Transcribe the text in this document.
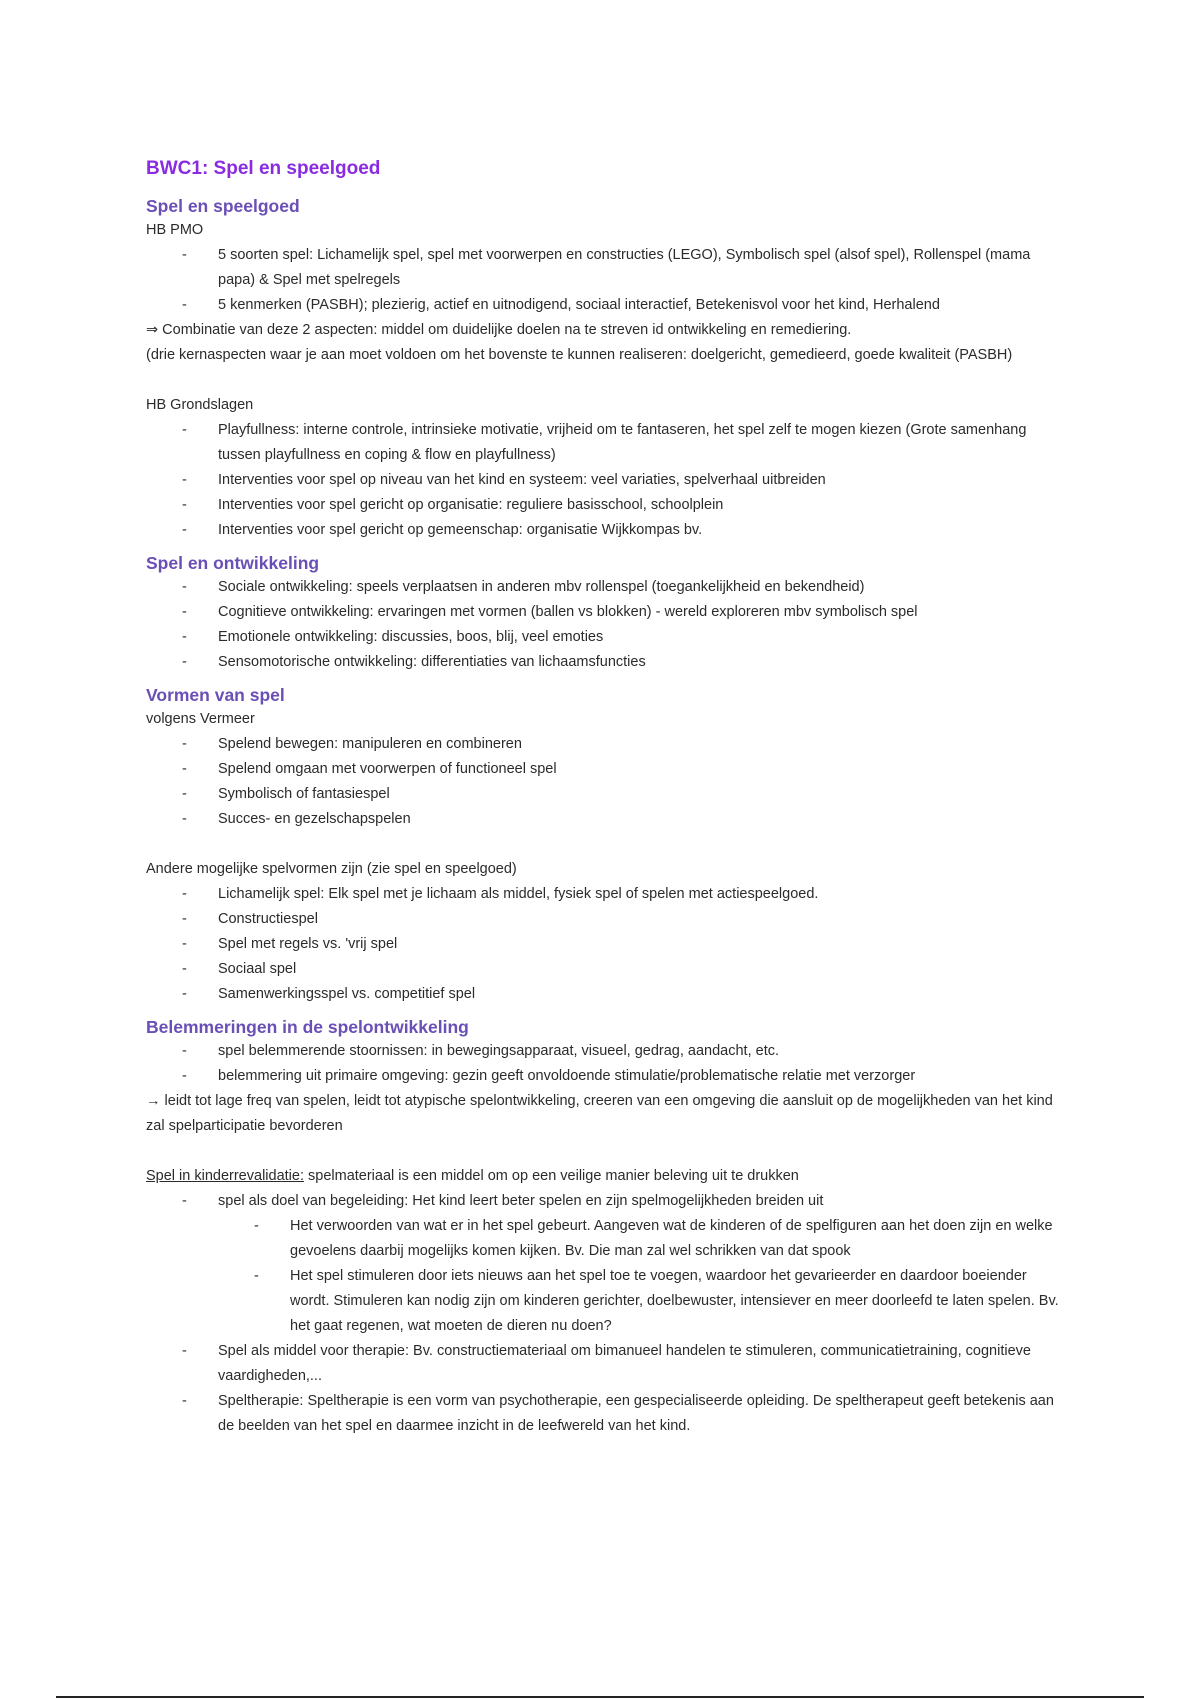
BWC1: Spel en speelgoed
Spel en speelgoed
HB PMO
- 5 soorten spel: Lichamelijk spel, spel met voorwerpen en constructies (LEGO), Symbolisch spel (alsof spel), Rollenspel (mama papa) & Spel met spelregels
- 5 kenmerken (PASBH); plezierig, actief en uitnodigend, sociaal interactief, Betekenisvol voor het kind, Herhalend
⇒ Combinatie van deze 2 aspecten: middel om duidelijke doelen na te streven id ontwikkeling en remediering.
(drie kernaspecten waar je aan moet voldoen om het bovenste te kunnen realiseren: doelgericht, gemedieerd, goede kwaliteit (PASBH)
HB Grondslagen
- Playfullness: interne controle, intrinsieke motivatie, vrijheid om te fantaseren, het spel zelf te mogen kiezen (Grote samenhang tussen playfullness en coping & flow en playfullness)
- Interventies voor spel op niveau van het kind en systeem: veel variaties, spelverhaal uitbreiden
- Interventies voor spel gericht op organisatie: reguliere basisschool, schoolplein
- Interventies voor spel gericht op gemeenschap: organisatie Wijkkompas bv.
Spel en ontwikkeling
- Sociale ontwikkeling: speels verplaatsen in anderen mbv rollenspel (toegankelijkheid en bekendheid)
- Cognitieve ontwikkeling: ervaringen met vormen (ballen vs blokken) - wereld exploreren mbv symbolisch spel
- Emotionele ontwikkeling: discussies, boos, blij, veel emoties
- Sensomotorische ontwikkeling: differentiaties van lichaamsfuncties
Vormen van spel
volgens Vermeer
- Spelend bewegen: manipuleren en combineren
- Spelend omgaan met voorwerpen of functioneel spel
- Symbolisch of fantasiespel
- Succes- en gezelschapspelen
Andere mogelijke spelvormen zijn (zie spel en speelgoed)
- Lichamelijk spel: Elk spel met je lichaam als middel, fysiek spel of spelen met actiespeelgoed.
- Constructiespel
- Spel met regels vs. 'vrij spel
- Sociaal spel
- Samenwerkingsspel vs. competitief spel
Belemmeringen in de spelontwikkeling
- spel belemmerende stoornissen: in bewegingsapparaat, visueel, gedrag, aandacht, etc.
- belemmering uit primaire omgeving: gezin geeft onvoldoende stimulatie/problematische relatie met verzorger
→ leidt tot lage freq van spelen, leidt tot atypische spelontwikkeling, creeren van een omgeving die aansluit op de mogelijkheden van het kind zal spelparticipatie bevorderen
Spel in kinderrevalidatie: spelmateriaal is een middel om op een veilige manier beleving uit te drukken
- spel als doel van begeleiding: Het kind leert beter spelen en zijn spelmogelijkheden breiden uit
- Het verwoorden van wat er in het spel gebeurt. Aangeven wat de kinderen of de spelfiguren aan het doen zijn en welke gevoelens daarbij mogelijks komen kijken. Bv. Die man zal wel schrikken van dat spook
- Het spel stimuleren door iets nieuws aan het spel toe te voegen, waardoor het gevarieerder en daardoor boeiender wordt. Stimuleren kan nodig zijn om kinderen gerichter, doelbewuster, intensiever en meer doorleefd te laten spelen. Bv. het gaat regenen, wat moeten de dieren nu doen?
- Spel als middel voor therapie: Bv. constructiemateriaal om bimanueel handelen te stimuleren, communicatietraining, cognitieve vaardigheden,...
- Speltherapie: Speltherapie is een vorm van psychotherapie, een gespecialiseerde opleiding. De speltherapeut geeft betekenis aan de beelden van het spel en daarmee inzicht in de leefwereld van het kind.
